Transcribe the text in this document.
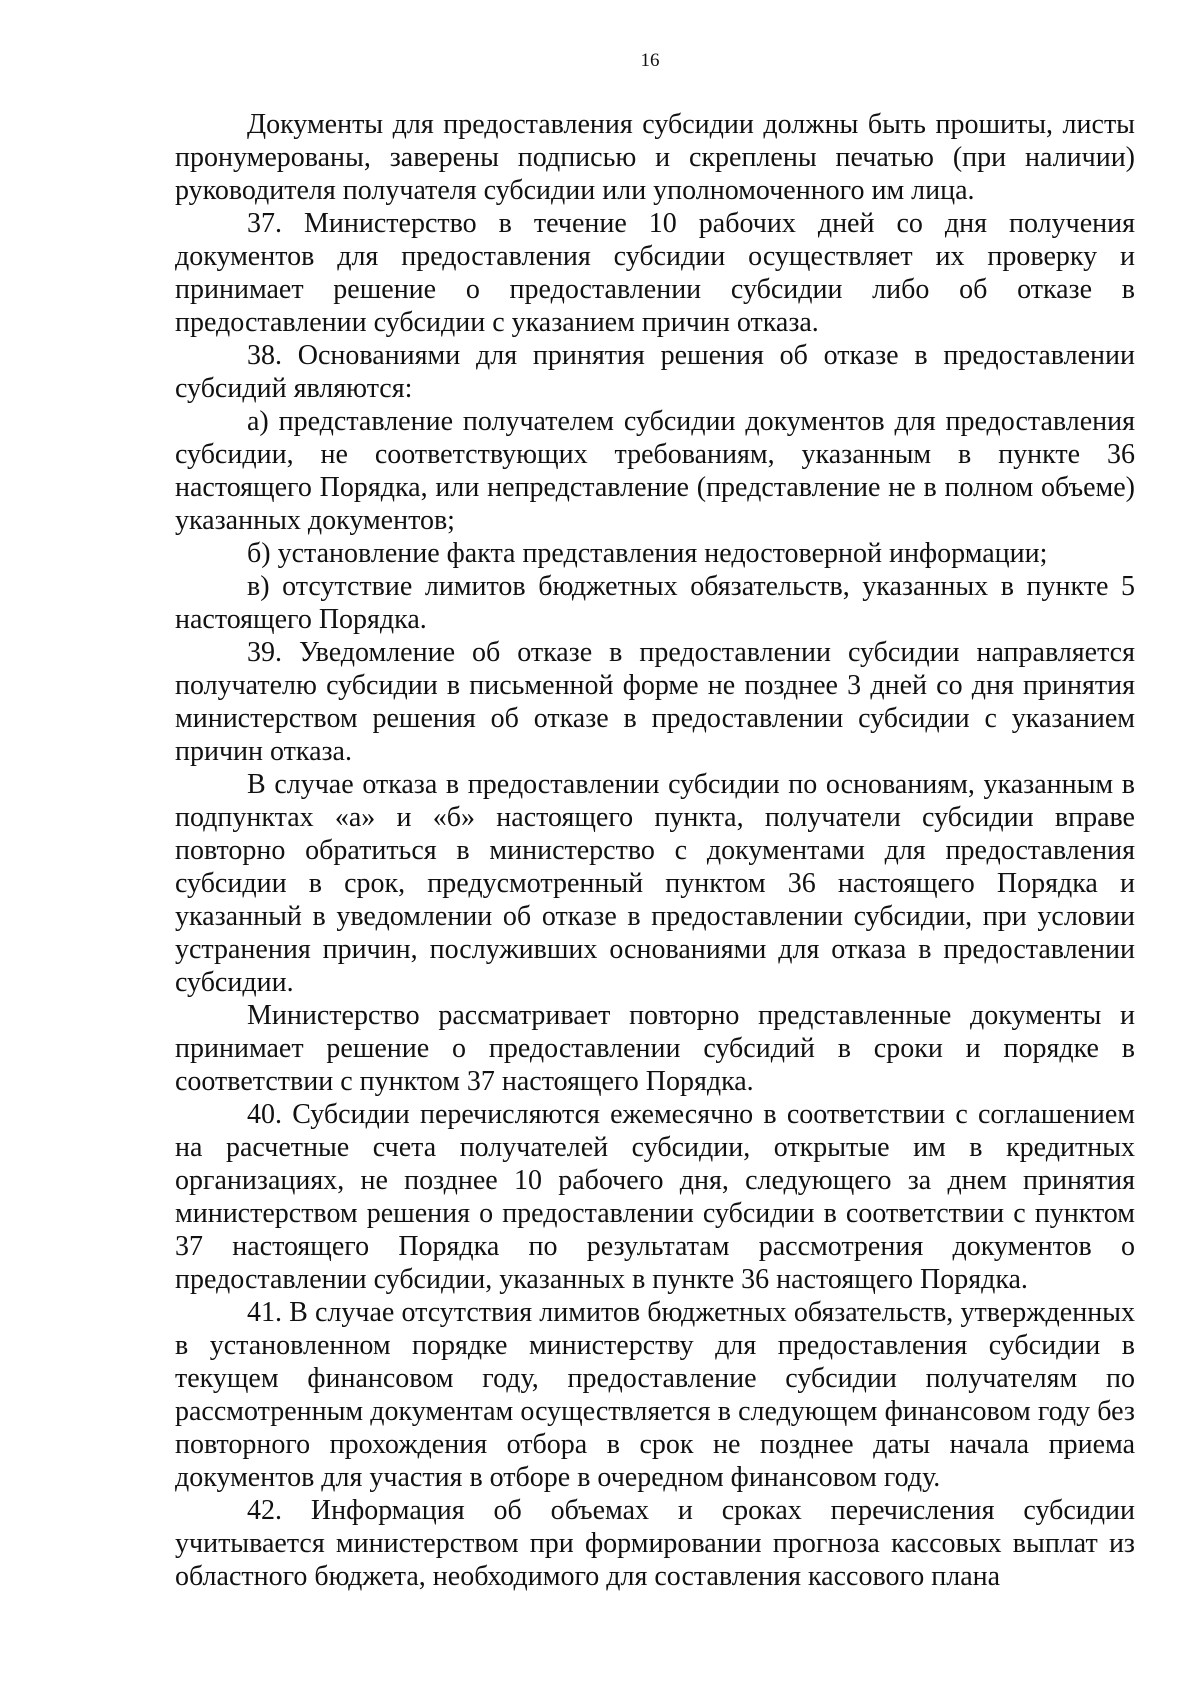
16

Документы для предоставления субсидии должны быть прошиты, листы пронумерованы, заверены подписью и скреплены печатью (при наличии) руководителя получателя субсидии или уполномоченного им лица.

37. Министерство в течение 10 рабочих дней со дня получения документов для предоставления субсидии осуществляет их проверку и принимает решение о предоставлении субсидии либо об отказе в предоставлении субсидии с указанием причин отказа.

38. Основаниями для принятия решения об отказе в предоставлении субсидий являются:

а) представление получателем субсидии документов для предоставления субсидии, не соответствующих требованиям, указанным в пункте 36 настоящего Порядка, или непредставление (представление не в полном объеме) указанных документов;

б) установление факта представления недостоверной информации;

в) отсутствие лимитов бюджетных обязательств, указанных в пункте 5 настоящего Порядка.

39. Уведомление об отказе в предоставлении субсидии направляется получателю субсидии в письменной форме не позднее 3 дней со дня принятия министерством решения об отказе в предоставлении субсидии с указанием причин отказа.

В случае отказа в предоставлении субсидии по основаниям, указанным в подпунктах «а» и «б» настоящего пункта, получатели субсидии вправе повторно обратиться в министерство с документами для предоставления субсидии в срок, предусмотренный пунктом 36 настоящего Порядка и указанный в уведомлении об отказе в предоставлении субсидии, при условии устранения причин, послуживших основаниями для отказа в предоставлении субсидии.

Министерство рассматривает повторно представленные документы и принимает решение о предоставлении субсидий в сроки и порядке в соответствии с пунктом 37 настоящего Порядка.

40. Субсидии перечисляются ежемесячно в соответствии с соглашением на расчетные счета получателей субсидии, открытые им в кредитных организациях, не позднее 10 рабочего дня, следующего за днем принятия министерством решения о предоставлении субсидии в соответствии с пунктом 37 настоящего Порядка по результатам рассмотрения документов о предоставлении субсидии, указанных в пункте 36 настоящего Порядка.

41. В случае отсутствия лимитов бюджетных обязательств, утвержденных в установленном порядке министерству для предоставления субсидии в текущем финансовом году, предоставление субсидии получателям по рассмотренным документам осуществляется в следующем финансовом году без повторного прохождения отбора в срок не позднее даты начала приема документов для участия в отборе в очередном финансовом году.

42. Информация об объемах и сроках перечисления субсидии учитывается министерством при формировании прогноза кассовых выплат из областного бюджета, необходимого для составления кассового плана
